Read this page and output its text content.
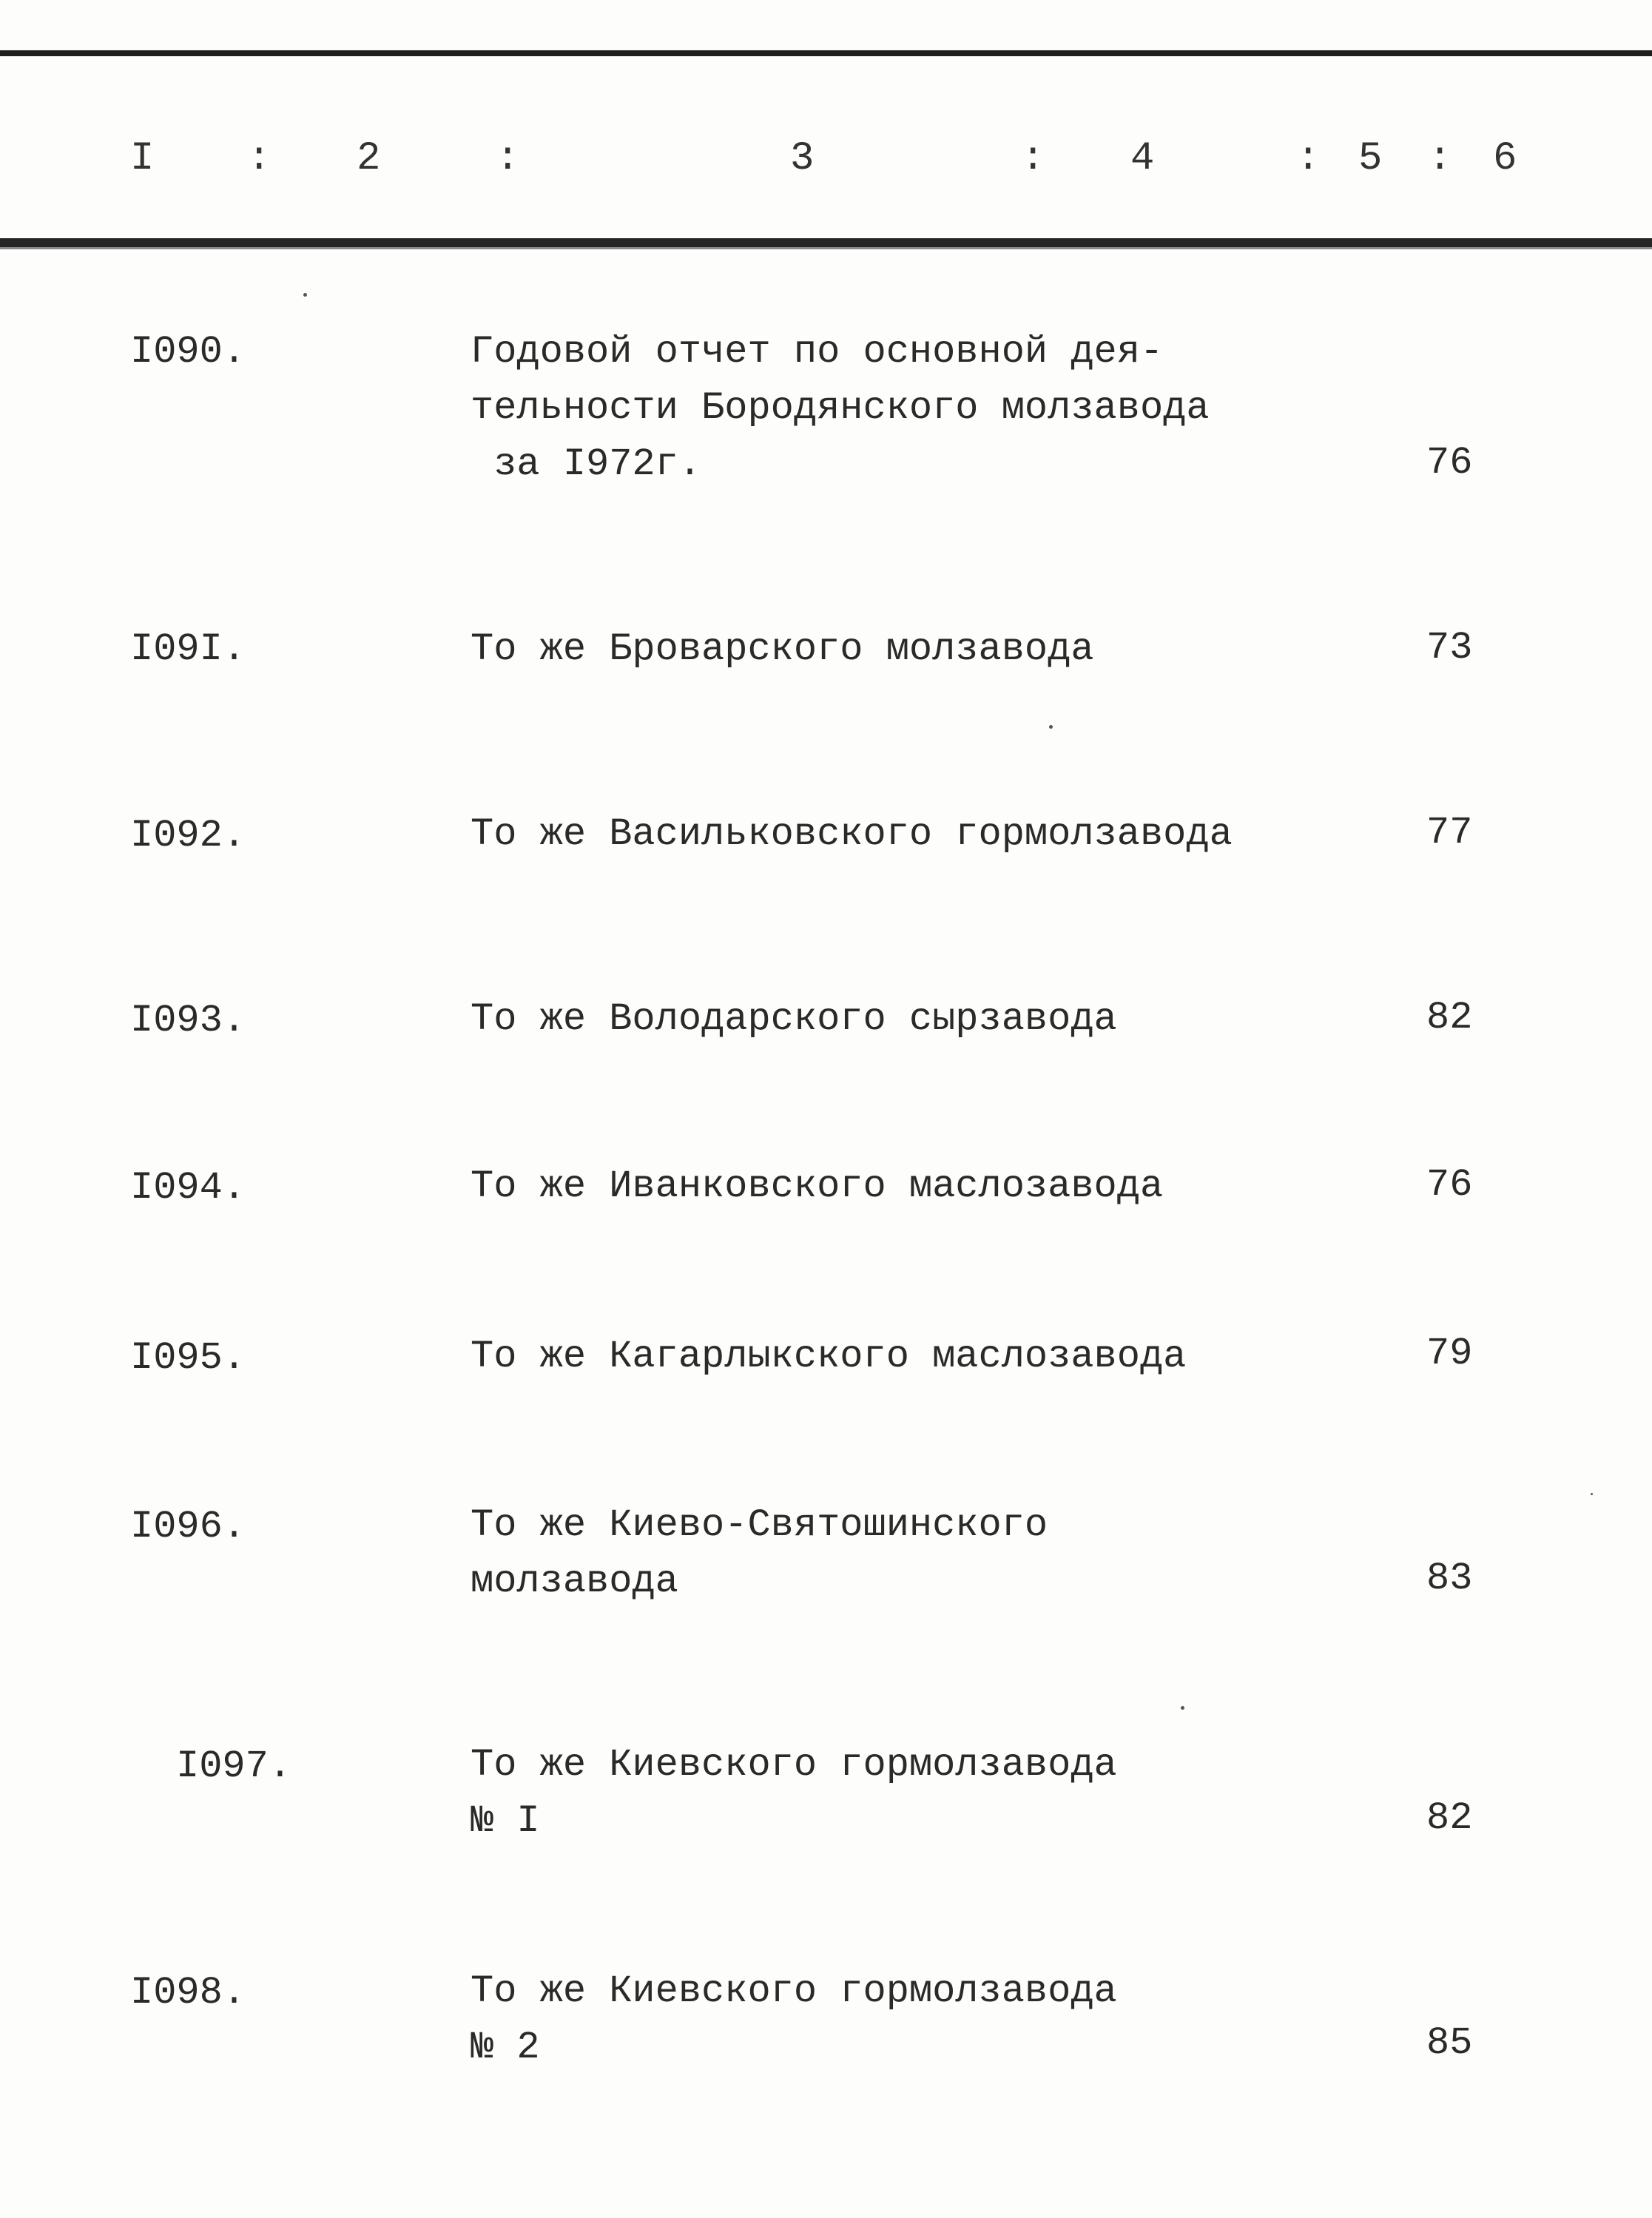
I : 2	:	3	: 4	: 5 : 6
I090.	Годовой отчет по основной дея-
тельности Бородянского молзавода
за I972г.	76
I09I.	То же Броварского молзавода	73
I092.	То же Васильковского гормолзавода	77
I093.	То же Володарского сырзавода	82
I094.	То же Иванковского маслозавода	76
I095.	То же Кагарлыкского маслозавода	79
I096.	То же Киево-Святошинского
молзавода	83
I097.	То же Киевского гормолзавода
№ I	82
I098.	То же Киевского гормолзавода
№ 2	85
